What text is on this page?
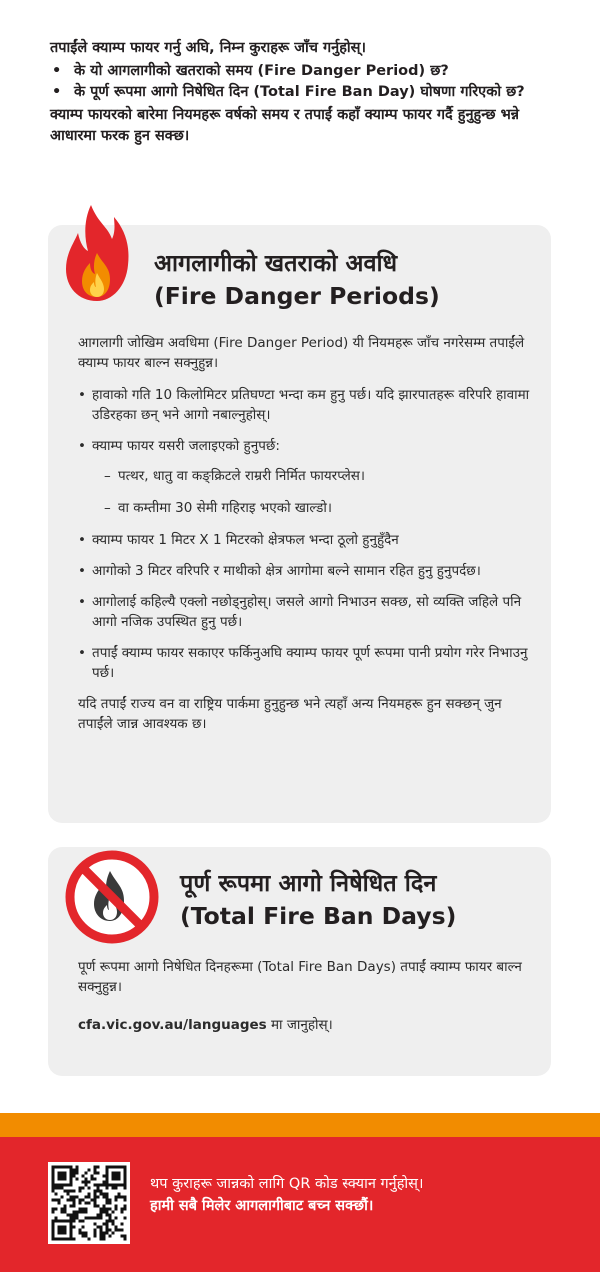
तपाईंले क्याम्प फायर गर्नु अघि, निम्न कुराहरू जाँच गर्नुहोस्।
• के यो आगलागीको खतराको समय (Fire Danger Period) छ?
• के पूर्ण रूपमा आगो निषेधित दिन (Total Fire Ban Day) घोषणा गरिएको छ?
क्याम्प फायरको बारेमा नियमहरू वर्षको समय र तपाईं कहाँ क्याम्प फायर गर्दै हुनुहुन्छ भन्ने आधारमा फरक हुन सक्छ।
आगलागीको खतराको अवधि
(Fire Danger Periods)
आगलागी जोखिम अवधिमा (Fire Danger Period) यी नियमहरू जाँच नगरेसम्म तपाईंले क्याम्प फायर बाल्न सक्नुहुन्न।
• हावाको गति 10 किलोमिटर प्रतिघण्टा भन्दा कम हुनु पर्छ। यदि झारपातहरू वरिपरि हावामा उडिरहका छन् भने आगो नबाल्नुहोस्।
• क्याम्प फायर यसरी जलाइएको हुनुपर्छ:
– पत्थर, धातु वा कङ्क्रिटले राम्ररी निर्मित फायरप्लेस।
– वा कम्तीमा 30 सेमी गहिराइ भएको खाल्डो।
• क्याम्प फायर 1 मिटर X 1 मिटरको क्षेत्रफल भन्दा ठूलो हुनुहुँदैन
• आगोको 3 मिटर वरिपरि र माथीको क्षेत्र आगोमा बल्ने सामान रहित हुनु हुनुपर्दछ।
• आगोलाई कहिल्यै एक्लो नछोड्नुहोस्। जसले आगो निभाउन सक्छ, सो व्यक्ति जहिले पनि आगो नजिक उपस्थित हुनु पर्छ।
• तपाईं क्याम्प फायर सकाएर फर्किनुअघि क्याम्प फायर पूर्ण रूपमा पानी प्रयोग गरेर निभाउनु पर्छ।
यदि तपाईं राज्य वन वा राष्ट्रिय पार्कमा हुनुहुन्छ भने त्यहाँ अन्य नियमहरू हुन सक्छन् जुन तपाईंले जान्न आवश्यक छ।
पूर्ण रूपमा आगो निषेधित दिन
(Total Fire Ban Days)
पूर्ण रूपमा आगो निषेधित दिनहरूमा (Total Fire Ban Days) तपाईं क्याम्प फायर बाल्न सक्नुहुन्न।
cfa.vic.gov.au/languages मा जानुहोस्।
थप कुराहरू जान्नको लागि QR कोड स्क्यान गर्नुहोस्।
हामी सबै मिलेर आगलागीबाट बच्न सक्छौं।
